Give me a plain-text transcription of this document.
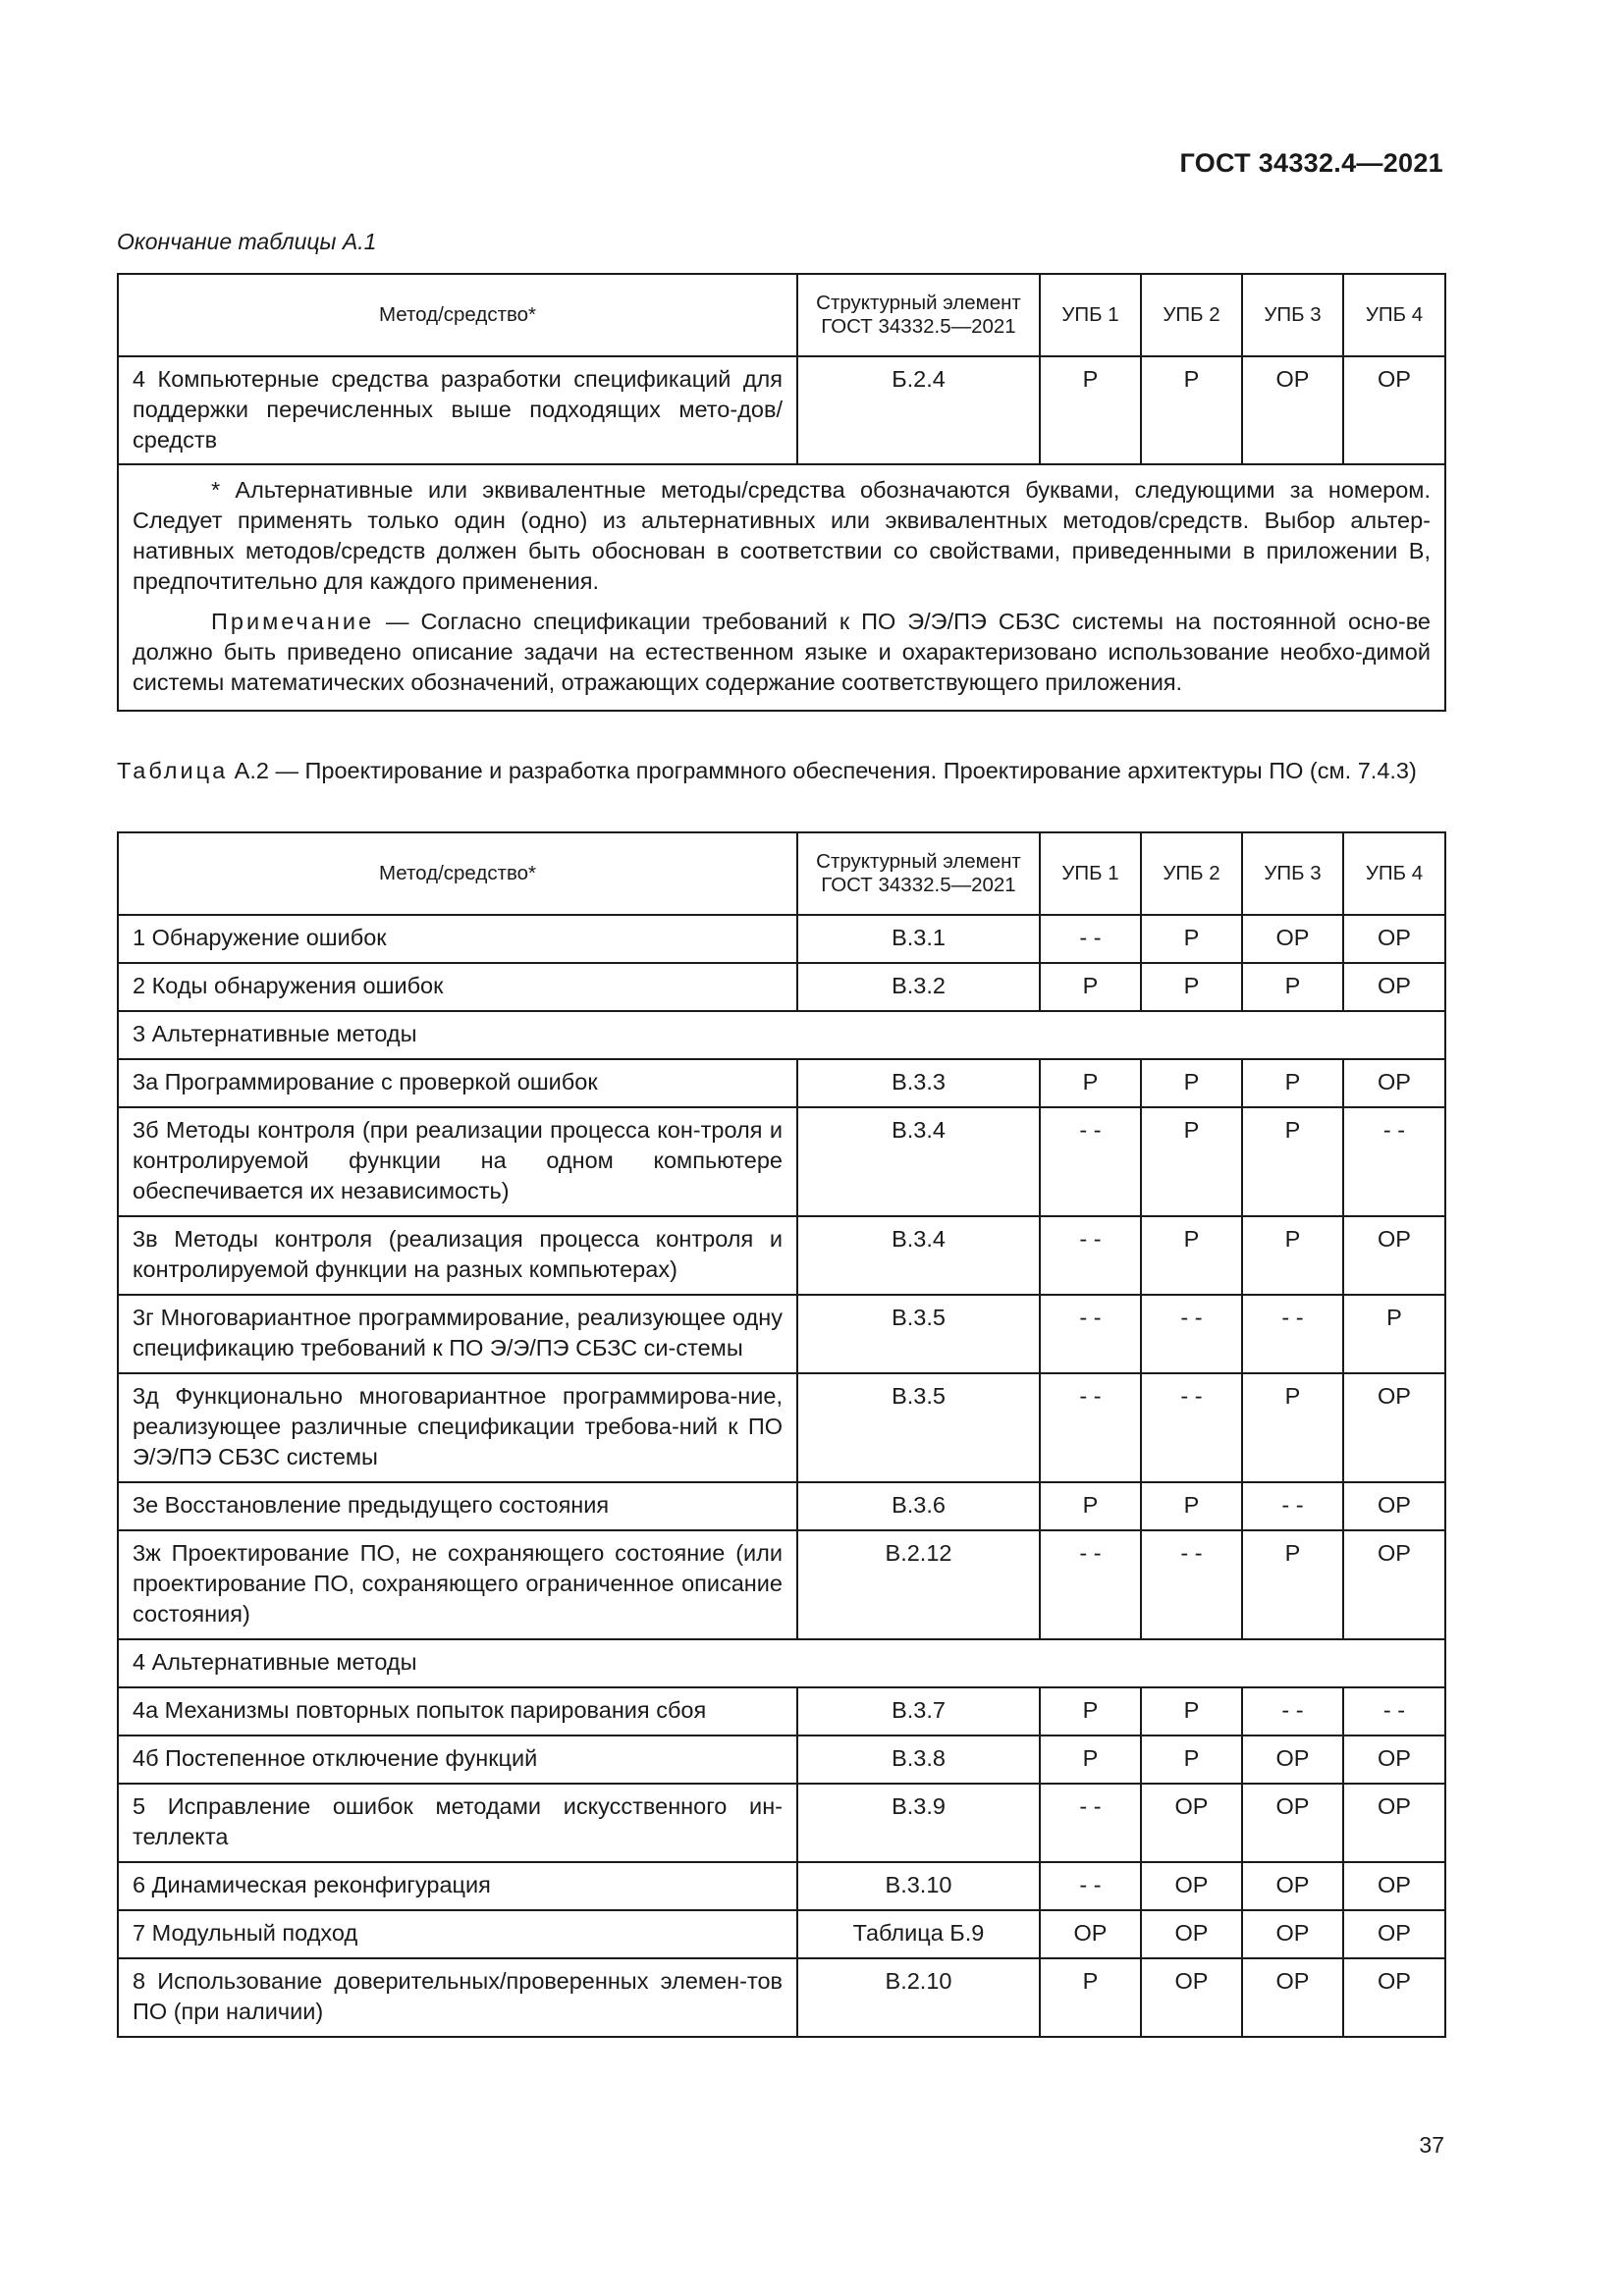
ГОСТ 34332.4—2021
Окончание таблицы А.1
Метод/средство*	Структурный элемент ГОСТ 34332.5—2021	УПБ 1	УПБ 2	УПБ 3	УПБ 4
4 Компьютерные средства разработки спецификаций для поддержки перечисленных выше подходящих мето-дов/средств	Б.2.4	Р	Р	ОР	ОР

* Альтернативные или эквивалентные методы/средства обозначаются буквами, следующими за номером. Следует применять только один (одно) из альтернативных или эквивалентных методов/средств. Выбор альтер-нативных методов/средств должен быть обоснован в соответствии со свойствами, приведенными в приложении В, предпочтительно для каждого применения.

Примечание — Согласно спецификации требований к ПО Э/Э/ПЭ СБЗС системы на постоянной осно-ве должно быть приведено описание задачи на естественном языке и охарактеризовано использование необхо-димой системы математических обозначений, отражающих содержание соответствующего приложения.					

Таблица А.2 — Проектирование и разработка программного обеспечения. Проектирование архитектуры ПО (см. 7.4.3)
Метод/средство*	Структурный элемент ГОСТ 34332.5—2021	УПБ 1	УПБ 2	УПБ 3	УПБ 4
1 Обнаружение ошибок	В.3.1	- -	Р	ОР	ОР
2 Коды обнаружения ошибок	В.3.2	Р	Р	Р	ОР
3 Альтернативные методы					
3а Программирование с проверкой ошибок	В.3.3	Р	Р	Р	ОР
3б Методы контроля (при реализации процесса кон-троля и контролируемой функции на одном компьютере обеспечивается их независимость)	В.3.4	- -	Р	Р	- -
3в Методы контроля (реализация процесса контроля и контролируемой функции на разных компьютерах)	В.3.4	- -	Р	Р	ОР
3г Многовариантное программирование, реализующее одну спецификацию требований к ПО Э/Э/ПЭ СБЗС си-стемы	В.3.5	- -	- -	- -	Р
3д Функционально многовариантное программирова-ние, реализующее различные спецификации требова-ний к ПО Э/Э/ПЭ СБЗС системы	В.3.5	- -	- -	Р	ОР
3е Восстановление предыдущего состояния	В.3.6	Р	Р	- -	ОР
3ж Проектирование ПО, не сохраняющего состояние (или проектирование ПО, сохраняющего ограниченное описание состояния)	В.2.12	- -	- -	Р	ОР
4 Альтернативные методы					
4а Механизмы повторных попыток парирования сбоя	В.3.7	Р	Р	- -	- -
4б Постепенное отключение функций	В.3.8	Р	Р	ОР	ОР
5 Исправление ошибок методами искусственного ин-теллекта	В.3.9	- -	ОР	ОР	ОР
6 Динамическая реконфигурация	В.3.10	- -	ОР	ОР	ОР
7 Модульный подход	Таблица Б.9	ОР	ОР	ОР	ОР
8 Использование доверительных/проверенных элемен-тов ПО (при наличии)	В.2.10	Р	ОР	ОР	ОР
37
